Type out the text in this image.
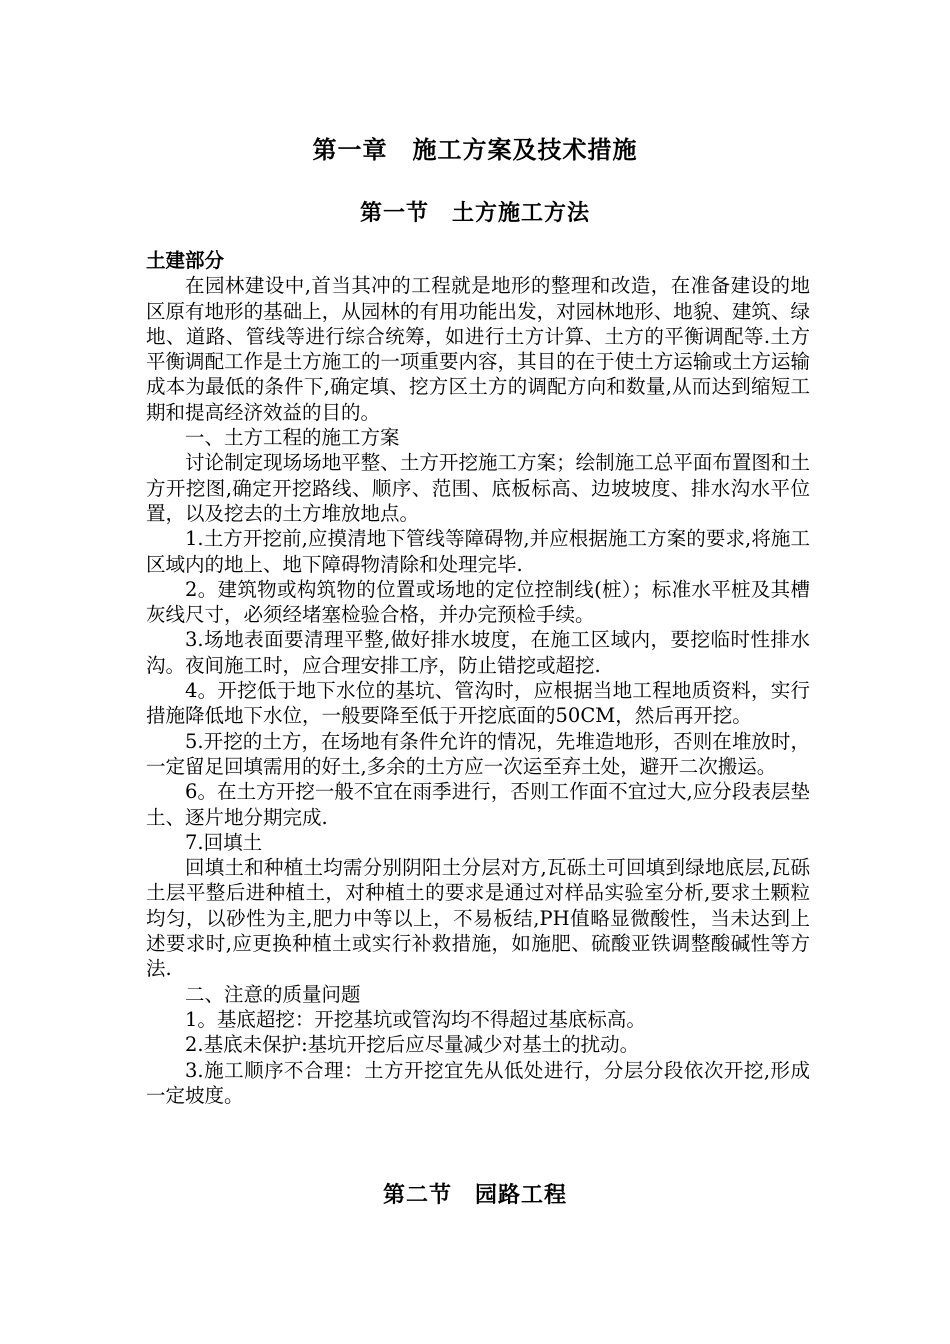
第一章　施工方案及技术措施
第一节　土方施工方法

土建部分

在园林建设中,首当其冲的工程就是地形的整理和改造，在准备建设的地区原有地形的基础上，从园林的有用功能出发，对园林地形、地貌、建筑、绿地、道路、管线等进行综合统筹，如进行土方计算、土方的平衡调配等.土方平衡调配工作是土方施工的一项重要内容，其目的在于使土方运输或土方运输成本为最低的条件下,确定填、挖方区土方的调配方向和数量,从而达到缩短工期和提高经济效益的目的。

一、土方工程的施工方案

讨论制定现场场地平整、土方开挖施工方案；绘制施工总平面布置图和土方开挖图,确定开挖路线、顺序、范围、底板标高、边坡坡度、排水沟水平位置，以及挖去的土方堆放地点。

1.土方开挖前,应摸清地下管线等障碍物,并应根据施工方案的要求,将施工区域内的地上、地下障碍物清除和处理完毕.

2。建筑物或构筑物的位置或场地的定位控制线(桩）；标准水平桩及其槽灰线尺寸，必须经堵塞检验合格，并办完预检手续。

3.场地表面要清理平整,做好排水坡度，在施工区域内，要挖临时性排水沟。夜间施工时，应合理安排工序，防止错挖或超挖.

4。开挖低于地下水位的基坑、管沟时，应根据当地工程地质资料，实行措施降低地下水位，一般要降至低于开挖底面的50CM，然后再开挖。

5.开挖的土方，在场地有条件允许的情况，先堆造地形，否则在堆放时，一定留足回填需用的好土,多余的土方应一次运至弃土处，避开二次搬运。

6。在土方开挖一般不宜在雨季进行，否则工作面不宜过大,应分段表层垫土、逐片地分期完成.

7.回填土

回填土和种植土均需分别阴阳土分层对方,瓦砾土可回填到绿地底层,瓦砾土层平整后进种植土，对种植土的要求是通过对样品实验室分析,要求土颗粒均匀，以砂性为主,肥力中等以上，不易板结,PH值略显微酸性，当未达到上述要求时,应更换种植土或实行补救措施，如施肥、硫酸亚铁调整酸碱性等方法.

二、注意的质量问题

1。基底超挖：开挖基坑或管沟均不得超过基底标高。

2.基底未保护:基坑开挖后应尽量减少对基土的扰动。

3.施工顺序不合理：土方开挖宜先从低处进行，分层分段依次开挖,形成一定坡度。

第二节　园路工程
